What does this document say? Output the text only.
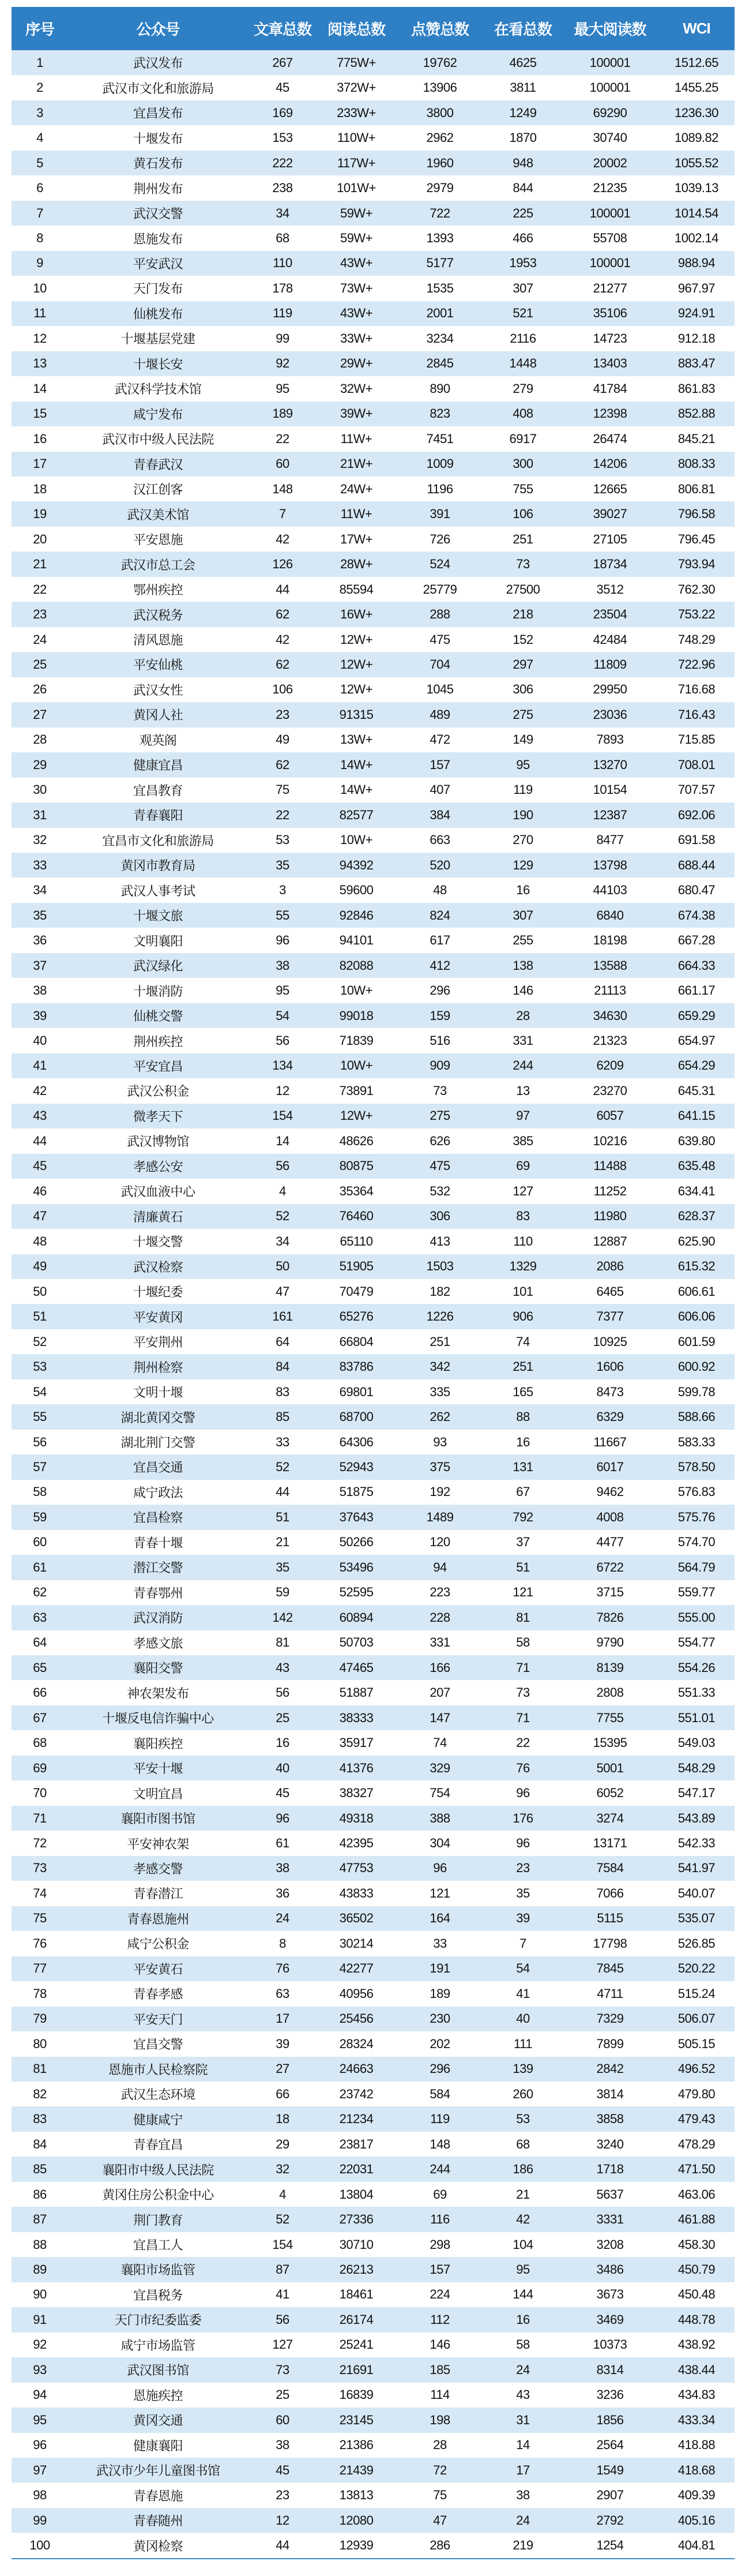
序号	公众号	文章总数	阅读总数	点赞总数	在看总数	最大阅读数	WCI
1	武汉发布	267	775W+	19762	4625	100001	1512.65
2	武汉市文化和旅游局	45	372W+	13906	3811	100001	1455.25
3	宜昌发布	169	233W+	3800	1249	69290	1236.30
4	十堰发布	153	110W+	2962	1870	30740	1089.82
5	黄石发布	222	117W+	1960	948	20002	1055.52
6	荆州发布	238	101W+	2979	844	21235	1039.13
7	武汉交警	34	59W+	722	225	100001	1014.54
8	恩施发布	68	59W+	1393	466	55708	1002.14
9	平安武汉	110	43W+	5177	1953	100001	988.94
10	天门发布	178	73W+	1535	307	21277	967.97
11	仙桃发布	119	43W+	2001	521	35106	924.91
12	十堰基层党建	99	33W+	3234	2116	14723	912.18
13	十堰长安	92	29W+	2845	1448	13403	883.47
14	武汉科学技术馆	95	32W+	890	279	41784	861.83
15	咸宁发布	189	39W+	823	408	12398	852.88
16	武汉市中级人民法院	22	11W+	7451	6917	26474	845.21
17	青春武汉	60	21W+	1009	300	14206	808.33
18	汉江创客	148	24W+	1196	755	12665	806.81
19	武汉美术馆	7	11W+	391	106	39027	796.58
20	平安恩施	42	17W+	726	251	27105	796.45
21	武汉市总工会	126	28W+	524	73	18734	793.94
22	鄂州疾控	44	85594	25779	27500	3512	762.30
23	武汉税务	62	16W+	288	218	23504	753.22
24	清风恩施	42	12W+	475	152	42484	748.29
25	平安仙桃	62	12W+	704	297	11809	722.96
26	武汉女性	106	12W+	1045	306	29950	716.68
27	黄冈人社	23	91315	489	275	23036	716.43
28	观英阁	49	13W+	472	149	7893	715.85
29	健康宜昌	62	14W+	157	95	13270	708.01
30	宜昌教育	75	14W+	407	119	10154	707.57
31	青春襄阳	22	82577	384	190	12387	692.06
32	宜昌市文化和旅游局	53	10W+	663	270	8477	691.58
33	黄冈市教育局	35	94392	520	129	13798	688.44
34	武汉人事考试	3	59600	48	16	44103	680.47
35	十堰文旅	55	92846	824	307	6840	674.38
36	文明襄阳	96	94101	617	255	18198	667.28
37	武汉绿化	38	82088	412	138	13588	664.33
38	十堰消防	95	10W+	296	146	21113	661.17
39	仙桃交警	54	99018	159	28	34630	659.29
40	荆州疾控	56	71839	516	331	21323	654.97
41	平安宜昌	134	10W+	909	244	6209	654.29
42	武汉公积金	12	73891	73	13	23270	645.31
43	微孝天下	154	12W+	275	97	6057	641.15
44	武汉博物馆	14	48626	626	385	10216	639.80
45	孝感公安	56	80875	475	69	11488	635.48
46	武汉血液中心	4	35364	532	127	11252	634.41
47	清廉黄石	52	76460	306	83	11980	628.37
48	十堰交警	34	65110	413	110	12887	625.90
49	武汉检察	50	51905	1503	1329	2086	615.32
50	十堰纪委	47	70479	182	101	6465	606.61
51	平安黄冈	161	65276	1226	906	7377	606.06
52	平安荆州	64	66804	251	74	10925	601.59
53	荆州检察	84	83786	342	251	1606	600.92
54	文明十堰	83	69801	335	165	8473	599.78
55	湖北黄冈交警	85	68700	262	88	6329	588.66
56	湖北荆门交警	33	64306	93	16	11667	583.33
57	宜昌交通	52	52943	375	131	6017	578.50
58	咸宁政法	44	51875	192	67	9462	576.83
59	宜昌检察	51	37643	1489	792	4008	575.76
60	青春十堰	21	50266	120	37	4477	574.70
61	潜江交警	35	53496	94	51	6722	564.79
62	青春鄂州	59	52595	223	121	3715	559.77
63	武汉消防	142	60894	228	81	7826	555.00
64	孝感文旅	81	50703	331	58	9790	554.77
65	襄阳交警	43	47465	166	71	8139	554.26
66	神农架发布	56	51887	207	73	2808	551.33
67	十堰反电信诈骗中心	25	38333	147	71	7755	551.01
68	襄阳疾控	16	35917	74	22	15395	549.03
69	平安十堰	40	41376	329	76	5001	548.29
70	文明宜昌	45	38327	754	96	6052	547.17
71	襄阳市图书馆	96	49318	388	176	3274	543.89
72	平安神农架	61	42395	304	96	13171	542.33
73	孝感交警	38	47753	96	23	7584	541.97
74	青春潜江	36	43833	121	35	7066	540.07
75	青春恩施州	24	36502	164	39	5115	535.07
76	咸宁公积金	8	30214	33	7	17798	526.85
77	平安黄石	76	42277	191	54	7845	520.22
78	青春孝感	63	40956	189	41	4711	515.24
79	平安天门	17	25456	230	40	7329	506.07
80	宜昌交警	39	28324	202	111	7899	505.15
81	恩施市人民检察院	27	24663	296	139	2842	496.52
82	武汉生态环境	66	23742	584	260	3814	479.80
83	健康咸宁	18	21234	119	53	3858	479.43
84	青春宜昌	29	23817	148	68	3240	478.29
85	襄阳市中级人民法院	32	22031	244	186	1718	471.50
86	黄冈住房公积金中心	4	13804	69	21	5637	463.06
87	荆门教育	52	27336	116	42	3331	461.88
88	宜昌工人	154	30710	298	104	3208	458.30
89	襄阳市场监管	87	26213	157	95	3486	450.79
90	宜昌税务	41	18461	224	144	3673	450.48
91	天门市纪委监委	56	26174	112	16	3469	448.78
92	咸宁市场监管	127	25241	146	58	10373	438.92
93	武汉图书馆	73	21691	185	24	8314	438.44
94	恩施疾控	25	16839	114	43	3236	434.83
95	黄冈交通	60	23145	198	31	1856	433.34
96	健康襄阳	38	21386	28	14	2564	418.88
97	武汉市少年儿童图书馆	45	21439	72	17	1549	418.68
98	青春恩施	23	13813	75	38	2907	409.39
99	青春随州	12	12080	47	24	2792	405.16
100	黄冈检察	44	12939	286	219	1254	404.81
